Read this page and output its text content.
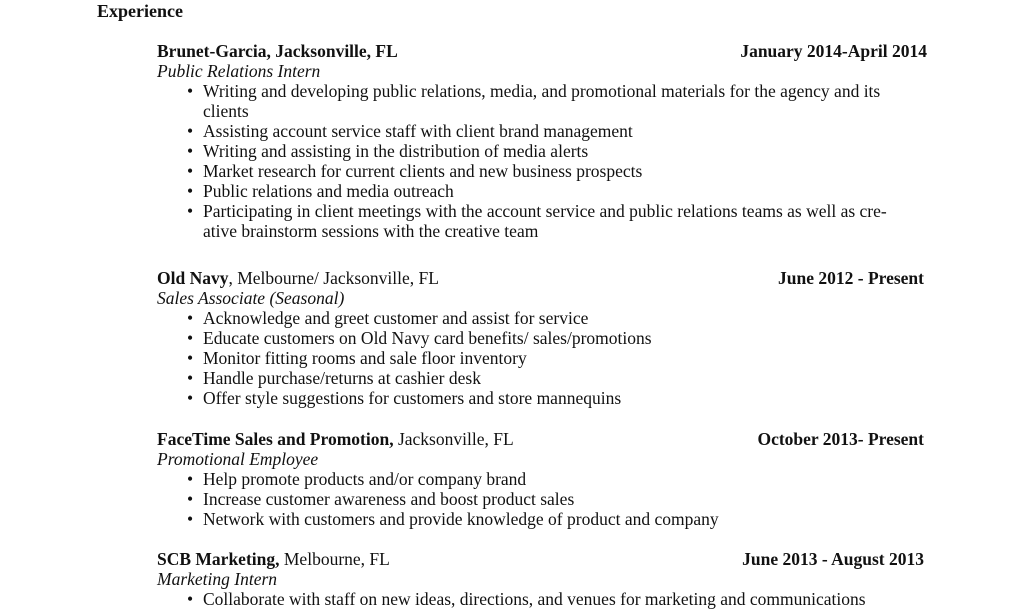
Experience
Brunet-Garcia, Jacksonville, FL	January 2014-April 2014
Public Relations Intern
• Writing and developing public relations, media, and promotional materials for the agency and its clients
• Assisting account service staff with client brand management
• Writing and assisting in the distribution of media alerts
• Market research for current clients and new business prospects
• Public relations and media outreach
• Participating in client meetings with the account service and public relations teams as well as cre-ative brainstorm sessions with the creative team
Old Navy, Melbourne/ Jacksonville, FL	June 2012 - Present
Sales Associate (Seasonal)
• Acknowledge and greet customer and assist for service
• Educate customers on Old Navy card benefits/ sales/promotions
• Monitor fitting rooms and sale floor inventory
• Handle purchase/returns at cashier desk
• Offer style suggestions for customers and store mannequins
FaceTime Sales and Promotion, Jacksonville, FL	October 2013- Present
Promotional Employee
• Help promote products and/or company brand
• Increase customer awareness and boost product sales
• Network with customers and provide knowledge of product and company
SCB Marketing, Melbourne, FL	June 2013 - August 2013
Marketing Intern
• Collaborate with staff on new ideas, directions, and venues for marketing and communications
